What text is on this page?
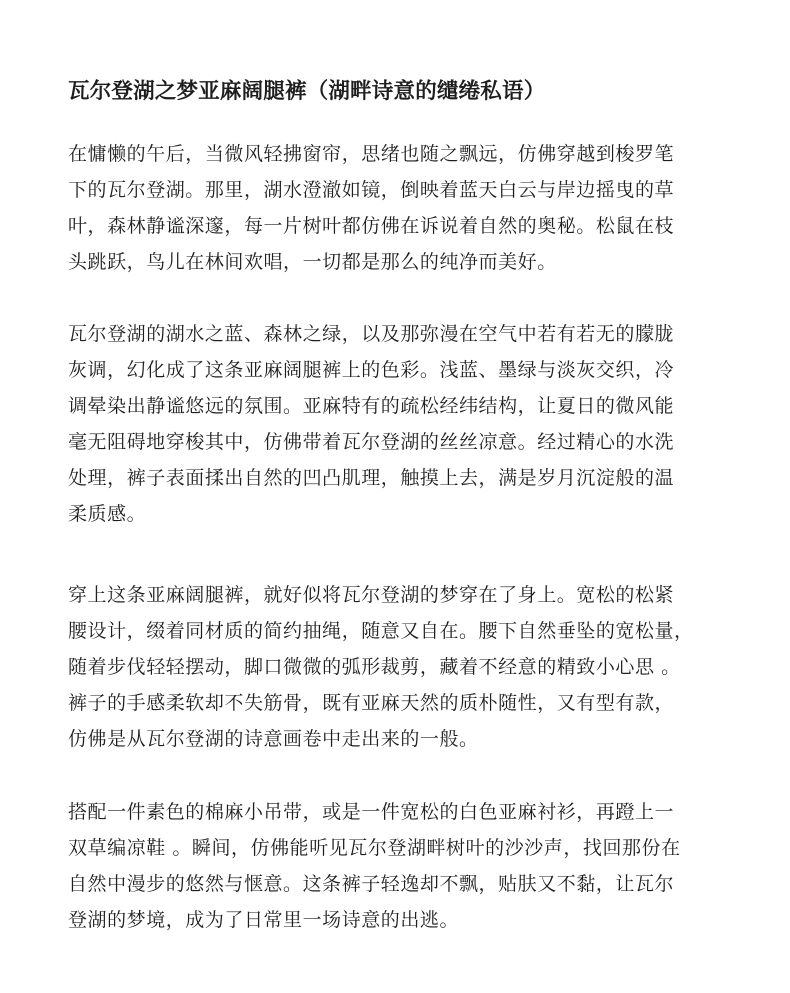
瓦尔登湖之梦亚麻阔腿裤（湖畔诗意的缱绻私语）

在慵懒的午后，当微风轻拂窗帘，思绪也随之飘远，仿佛穿越到梭罗笔
下的瓦尔登湖。那里，湖水澄澈如镜，倒映着蓝天白云与岸边摇曳的草
叶，森林静谧深邃，每一片树叶都仿佛在诉说着自然的奥秘。松鼠在枝
头跳跃，鸟儿在林间欢唱，一切都是那么的纯净而美好。

瓦尔登湖的湖水之蓝、森林之绿，以及那弥漫在空气中若有若无的朦胧
灰调，幻化成了这条亚麻阔腿裤上的色彩。浅蓝、墨绿与淡灰交织，冷
调晕染出静谧悠远的氛围。亚麻特有的疏松经纬结构，让夏日的微风能
毫无阻碍地穿梭其中，仿佛带着瓦尔登湖的丝丝凉意。经过精心的水洗
处理，裤子表面揉出自然的凹凸肌理，触摸上去，满是岁月沉淀般的温
柔质感。

穿上这条亚麻阔腿裤，就好似将瓦尔登湖的梦穿在了身上。宽松的松紧
腰设计，缀着同材质的简约抽绳，随意又自在。腰下自然垂坠的宽松量，
随着步伐轻轻摆动，脚口微微的弧形裁剪，藏着不经意的精致小心思 。
裤子的手感柔软却不失筋骨，既有亚麻天然的质朴随性，又有型有款，
仿佛是从瓦尔登湖的诗意画卷中走出来的一般。

搭配一件素色的棉麻小吊带，或是一件宽松的白色亚麻衬衫，再蹬上一
双草编凉鞋 。瞬间，仿佛能听见瓦尔登湖畔树叶的沙沙声，找回那份在
自然中漫步的悠然与惬意。这条裤子轻逸却不飘，贴肤又不黏，让瓦尔
登湖的梦境，成为了日常里一场诗意的出逃。
